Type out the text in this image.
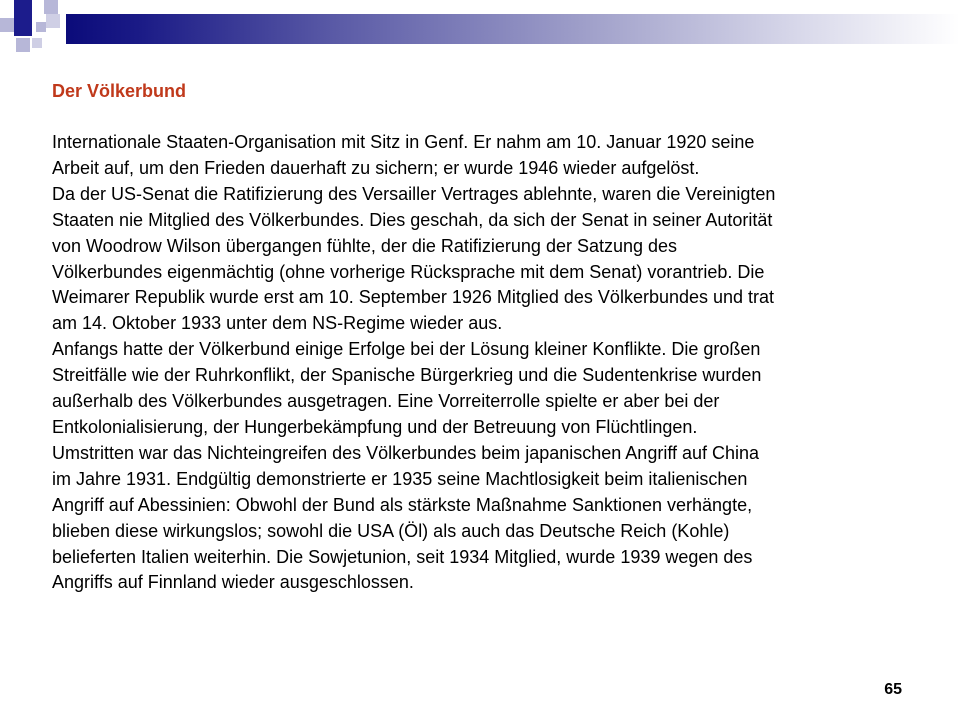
Der Völkerbund
Internationale Staaten-Organisation mit Sitz in Genf. Er nahm am 10. Januar 1920 seine
Arbeit auf, um den Frieden dauerhaft zu sichern; er wurde 1946 wieder aufgelöst.
Da der US-Senat die Ratifizierung des Versailler Vertrages ablehnte, waren die Vereinigten
Staaten nie Mitglied des Völkerbundes. Dies geschah, da sich der Senat in seiner Autorität
von Woodrow Wilson übergangen fühlte, der die Ratifizierung der Satzung des
Völkerbundes eigenmächtig (ohne vorherige Rücksprache mit dem Senat) vorantrieb. Die
Weimarer Republik wurde erst am 10. September 1926 Mitglied des Völkerbundes und trat
am 14. Oktober 1933 unter dem NS-Regime wieder aus.
Anfangs hatte der Völkerbund einige Erfolge bei der Lösung kleiner Konflikte. Die großen
Streitfälle wie der Ruhrkonflikt, der Spanische Bürgerkrieg und die Sudentenkrise wurden
außerhalb des Völkerbundes ausgetragen. Eine Vorreiterrolle spielte er aber bei der
Entkolonialisierung, der Hungerbekämpfung und der Betreuung von Flüchtlingen.
Umstritten war das Nichteingreifen des Völkerbundes beim japanischen Angriff auf China
im Jahre 1931. Endgültig demonstrierte er 1935 seine Machtlosigkeit beim italienischen
Angriff auf Abessinien: Obwohl der Bund als stärkste Maßnahme Sanktionen verhängte,
blieben diese wirkungslos; sowohl die USA (Öl) als auch das Deutsche Reich (Kohle)
belieferten Italien weiterhin. Die Sowjetunion, seit 1934 Mitglied, wurde 1939 wegen des
Angriffs auf Finnland wieder ausgeschlossen.
65
